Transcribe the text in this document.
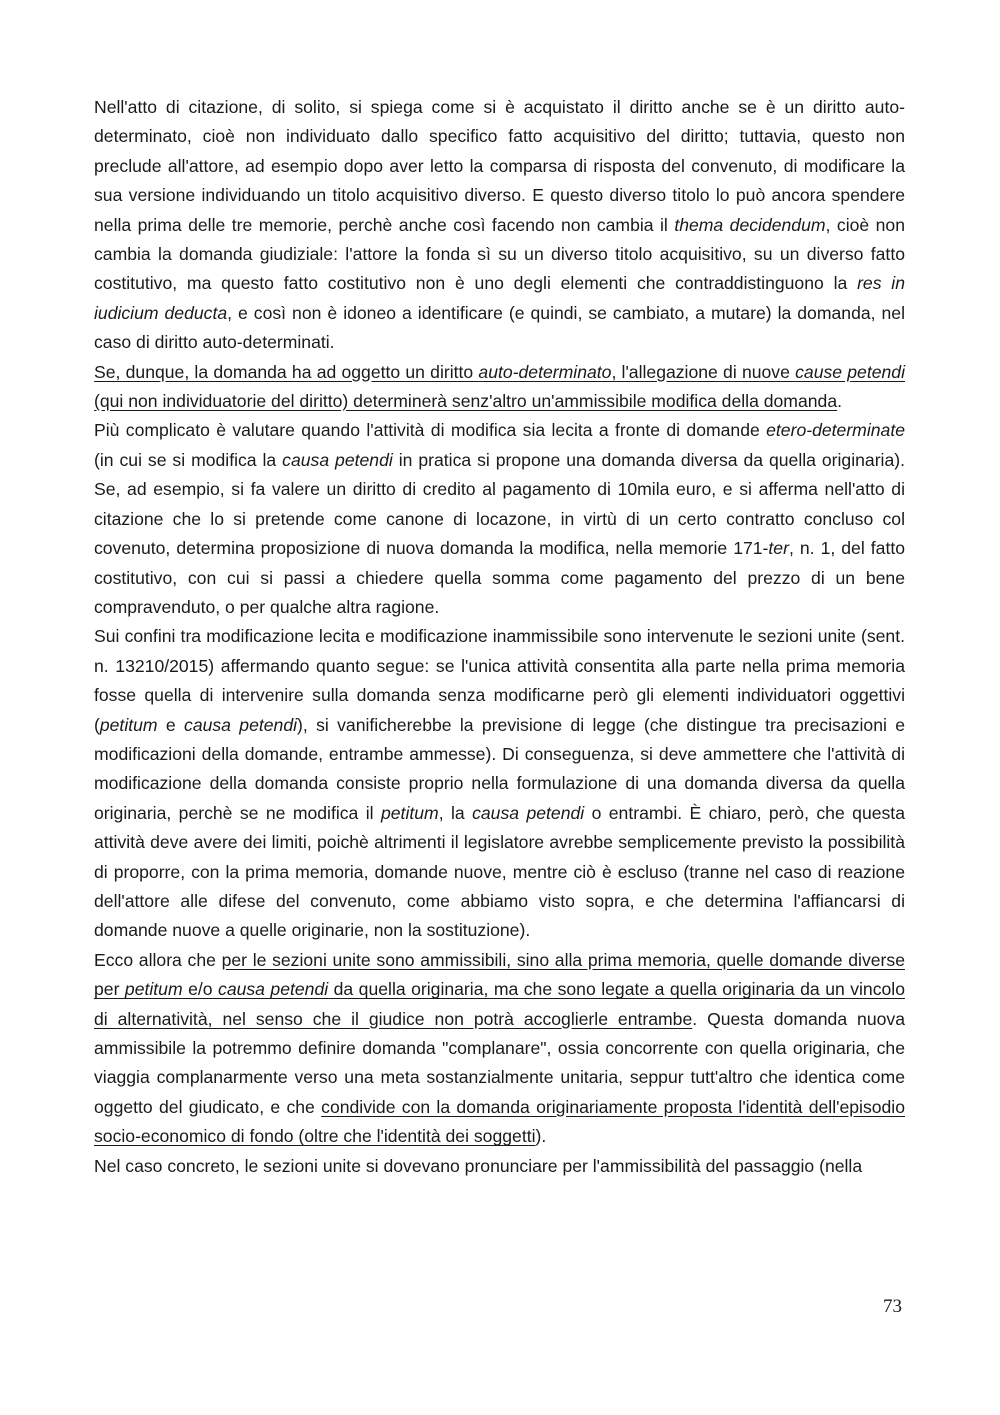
Nell'atto di citazione, di solito, si spiega come si è acquistato il diritto anche se è un diritto auto-determinato, cioè non individuato dallo specifico fatto acquisitivo del diritto; tuttavia, questo non preclude all'attore, ad esempio dopo aver letto la comparsa di risposta del convenuto, di modificare la sua versione individuando un titolo acquisitivo diverso. E questo diverso titolo lo può ancora spendere nella prima delle tre memorie, perchè anche così facendo non cambia il thema decidendum, cioè non cambia la domanda giudiziale: l'attore la fonda sì su un diverso titolo acquisitivo, su un diverso fatto costitutivo, ma questo fatto costitutivo non è uno degli elementi che contraddistinguono la res in iudicium deducta, e così non è idoneo a identificare (e quindi, se cambiato, a mutare) la domanda, nel caso di diritto auto-determinati.

Se, dunque, la domanda ha ad oggetto un diritto auto-determinato, l'allegazione di nuove cause petendi (qui non individuatorie del diritto) determinerà senz'altro un'ammissibile modifica della domanda.

Più complicato è valutare quando l'attività di modifica sia lecita a fronte di domande etero-determinate (in cui se si modifica la causa petendi in pratica si propone una domanda diversa da quella originaria). Se, ad esempio, si fa valere un diritto di credito al pagamento di 10mila euro, e si afferma nell'atto di citazione che lo si pretende come canone di locazone, in virtù di un certo contratto concluso col covenuto, determina proposizione di nuova domanda la modifica, nella memorie 171-ter, n. 1, del fatto costitutivo, con cui si passi a chiedere quella somma come pagamento del prezzo di un bene compravenduto, o per qualche altra ragione.

Sui confini tra modificazione lecita e modificazione inammissibile sono intervenute le sezioni unite (sent. n. 13210/2015) affermando quanto segue: se l'unica attività consentita alla parte nella prima memoria fosse quella di intervenire sulla domanda senza modificarne però gli elementi individuatori oggettivi (petitum e causa petendi), si vanificherebbe la previsione di legge (che distingue tra precisazioni e modificazioni della domande, entrambe ammesse). Di conseguenza, si deve ammettere che l'attività di modificazione della domanda consiste proprio nella formulazione di una domanda diversa da quella originaria, perchè se ne modifica il petitum, la causa petendi o entrambi. È chiaro, però, che questa attività deve avere dei limiti, poichè altrimenti il legislatore avrebbe semplicemente previsto la possibilità di proporre, con la prima memoria, domande nuove, mentre ciò è escluso (tranne nel caso di reazione dell'attore alle difese del convenuto, come abbiamo visto sopra, e che determina l'affiancarsi di domande nuove a quelle originarie, non la sostituzione).

Ecco allora che per le sezioni unite sono ammissibili, sino alla prima memoria, quelle domande diverse per petitum e/o causa petendi da quella originaria, ma che sono legate a quella originaria da un vincolo di alternatività, nel senso che il giudice non potrà accoglierle entrambe. Questa domanda nuova ammissibile la potremmo definire domanda "complanare", ossia concorrente con quella originaria, che viaggia complanarmente verso una meta sostanzialmente unitaria, seppur tutt'altro che identica come oggetto del giudicato, e che condivide con la domanda originariamente proposta l'identità dell'episodio socio-economico di fondo (oltre che l'identità dei soggetti).

Nel caso concreto, le sezioni unite si dovevano pronunciare per l'ammissibilità del passaggio (nella

73
